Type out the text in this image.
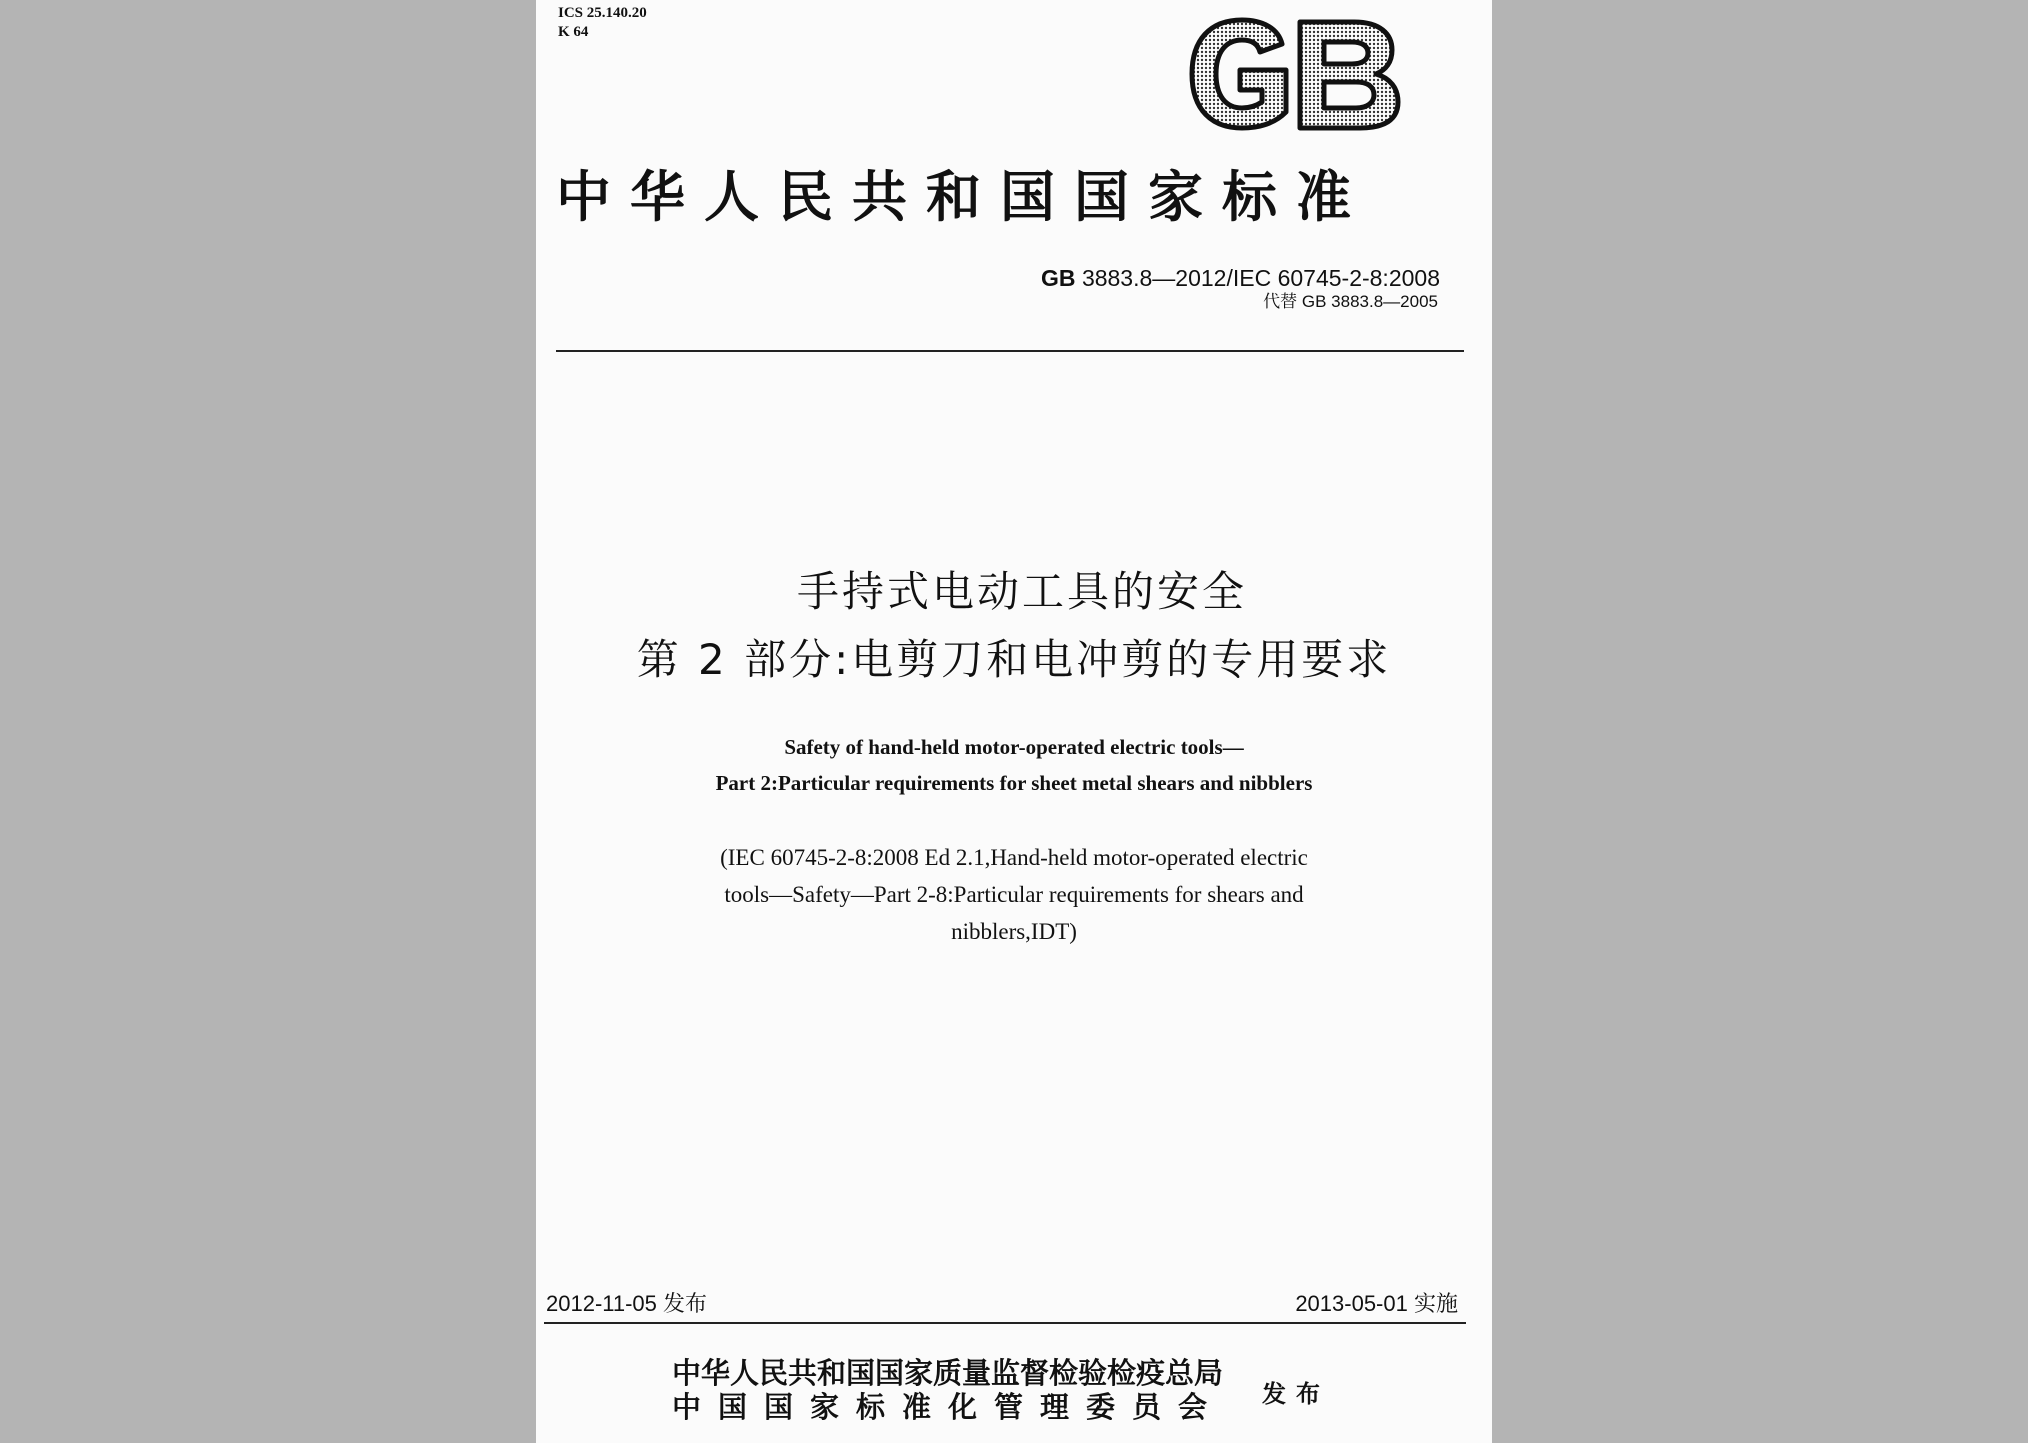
ICS 25.140.20
K 64
中华人民共和国国家标准
GB 3883.8—2012/IEC 60745-2-8:2008
代替 GB 3883.8—2005
手持式电动工具的安全
第 2 部分:电剪刀和电冲剪的专用要求
Safety of hand-held motor-operated electric tools—
Part 2:Particular requirements for sheet metal shears and nibblers
(IEC 60745-2-8:2008 Ed 2.1,Hand-held motor-operated electric
tools—Safety—Part 2-8:Particular requirements for shears and
nibblers,IDT)
2012-11-05 发布	2013-05-01 实施
中华人民共和国国家质量监督检验检疫总局
中国国家标准化管理委员会 发布
